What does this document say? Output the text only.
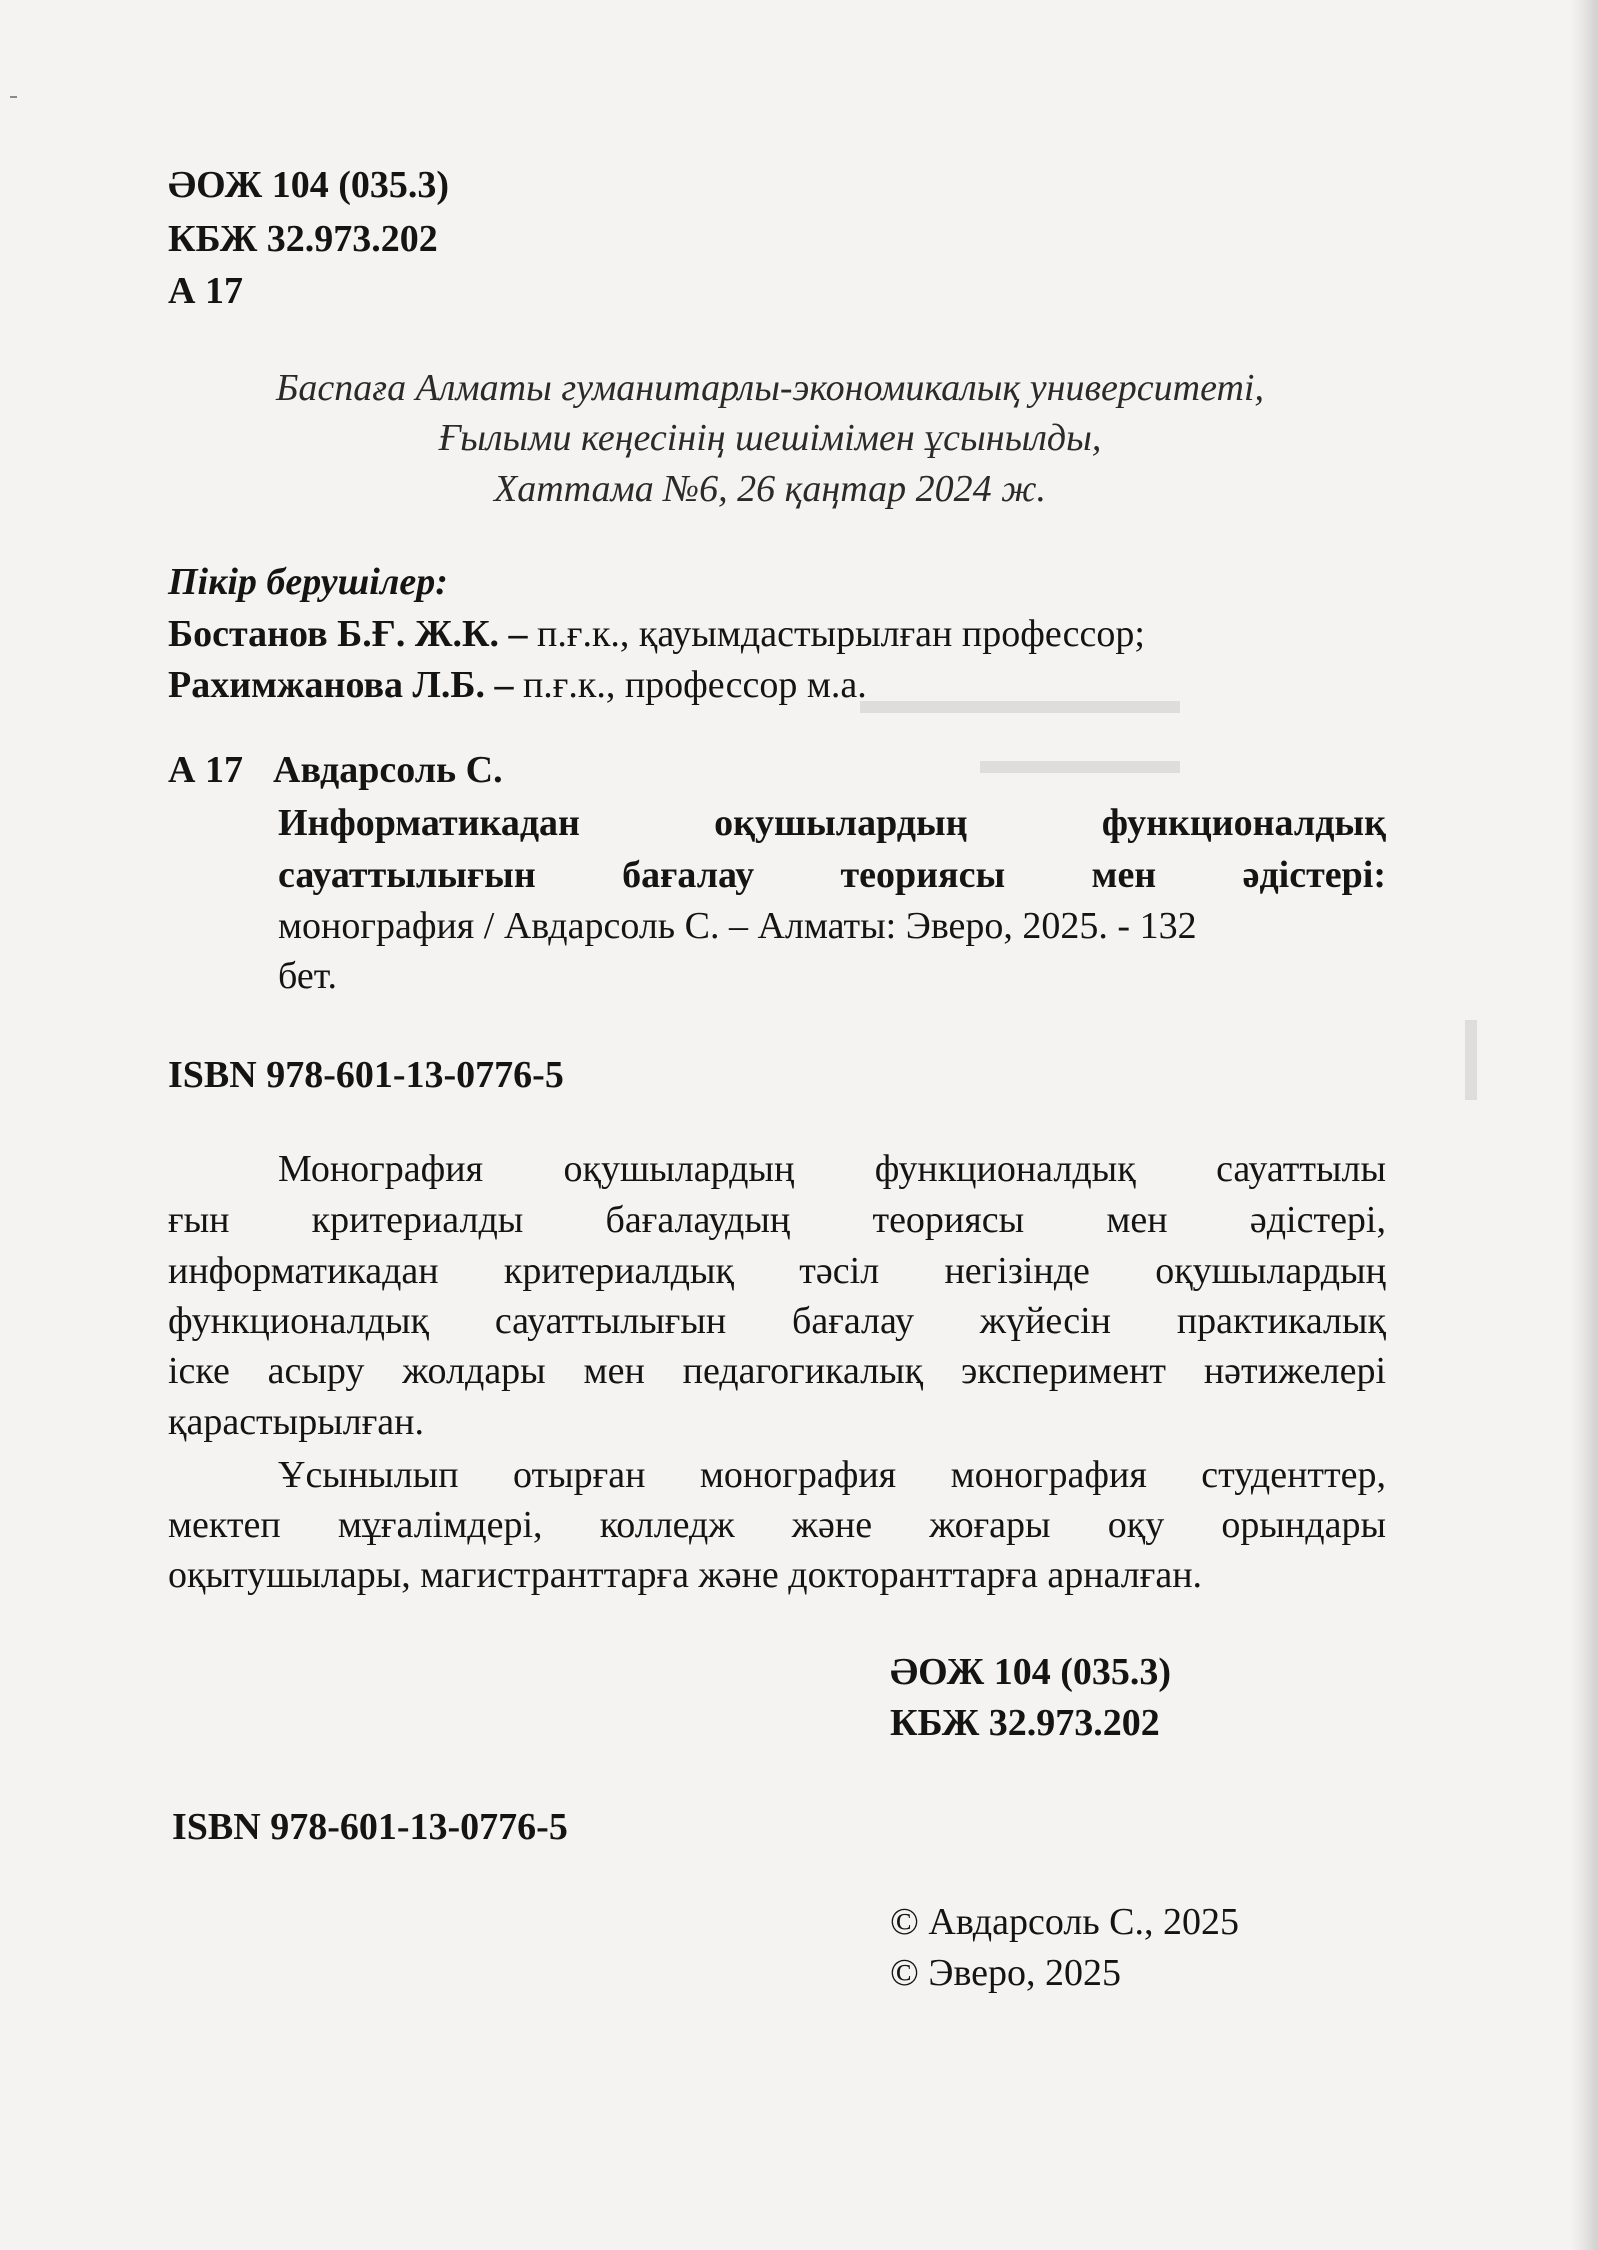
▬▬▬▬▬▬▬▬
▬▬▬▬▬
▬▬
ӘОЖ 104 (035.3)
КБЖ 32.973.202
А 17
Баспаға Алматы гуманитарлы-экономикалық университеті,
Ғылыми кеңесінің шешімімен ұсынылды,
Хаттама №6, 26 қаңтар 2024 ж.
Пікір берушілер:
Бостанов Б.Ғ. Ж.К. – п.ғ.к., қауымдастырылған профессор;
Рахимжанова Л.Б. – п.ғ.к., профессор м.а.
А 17 Авдарсоль С.
Информатикадан оқушылардың функционалдық
сауаттылығын бағалау теориясы мен әдістері:
монография / Авдарсоль С. – Алматы: Эверо, 2025. - 132
бет.
ISBN 978-601-13-0776-5
Монография оқушылардың функционалдық сауаттылы
ғын критериалды бағалаудың теориясы мен әдістері,
информатикадан критериалдық тәсіл негізінде оқушылардың
функционалдық сауаттылығын бағалау жүйесін практикалық
іске асыру жолдары мен педагогикалық эксперимент нәтижелері
қарастырылған.
Ұсынылып отырған монография монография студенттер,
мектеп мұғалімдері, колледж және жоғары оқу орындары
оқытушылары, магистранттарға және докторанттарға арналған.
ӘОЖ 104 (035.3)
КБЖ 32.973.202
ISBN 978-601-13-0776-5
© Авдарсоль С., 2025
© Эверо, 2025
